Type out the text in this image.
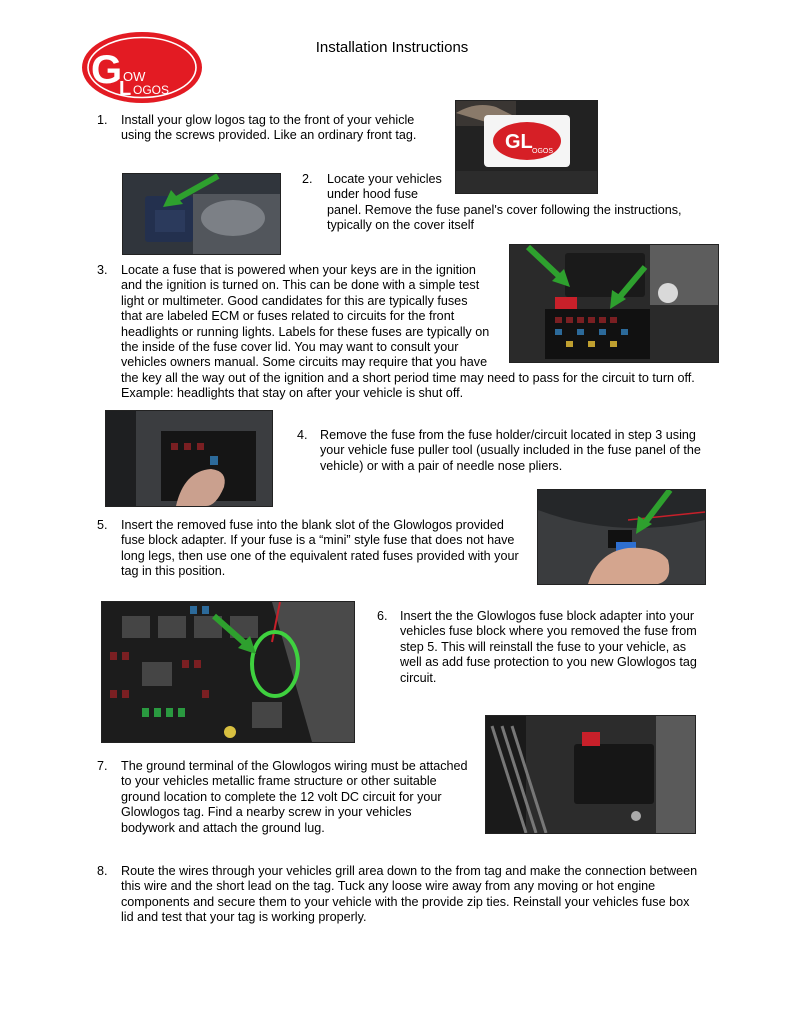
G OW
L OGOS
Installation Instructions
1.	Install your glow logos tag to the front of your vehicle
using the screws provided. Like an ordinary front tag.	GL OGOS
2.	Locate your vehicles
under hood fuse
panel. Remove the fuse panel's cover following the instructions,
typically on the cover itself
3.	Locate a fuse that is powered when your keys are in the ignition
and the ignition is turned on. This can be done with a simple test
light or multimeter. Good candidates for this are typically fuses
that are labeled ECM or fuses related to circuits for the front
headlights or running lights. Labels for these fuses are typically on
the inside of the fuse cover lid. You may want to consult your
vehicles owners manual. Some circuits may require that you have
the key all the way out of the ignition and a short period time may need to pass for the circuit to turn off.
Example: headlights that stay on after your vehicle is shut off.
4. Remove the fuse from the fuse holder/circuit located in step 3 using
your vehicle fuse puller tool (usually included in the fuse panel of the
vehicle) or with a pair of needle nose pliers.
5.	Insert the removed fuse into the blank slot of the Glowlogos provided
fuse block adapter. If your fuse is a “mini” style fuse that does not have
long legs, then use one of the equivalent rated fuses provided with your
tag in this position.
6. Insert the the Glowlogos fuse block adapter into your
vehicles fuse block where you removed the fuse from
step 5. This will reinstall the fuse to your vehicle, as
well as add fuse protection to you new Glowlogos tag
circuit.
7.	The ground terminal of the Glowlogos wiring must be attached
to your vehicles metallic frame structure or other suitable
ground location to complete the 12 volt DC circuit for your
Glowlogos tag. Find a nearby screw in your vehicles
bodywork and attach the ground lug.
8.	Route the wires through your vehicles grill area down to the from tag and make the connection between
this wire and the short lead on the tag. Tuck any loose wire away from any moving or hot engine
components and secure them to your vehicle with the provide zip ties. Reinstall your vehicles fuse box
lid and test that your tag is working properly.
